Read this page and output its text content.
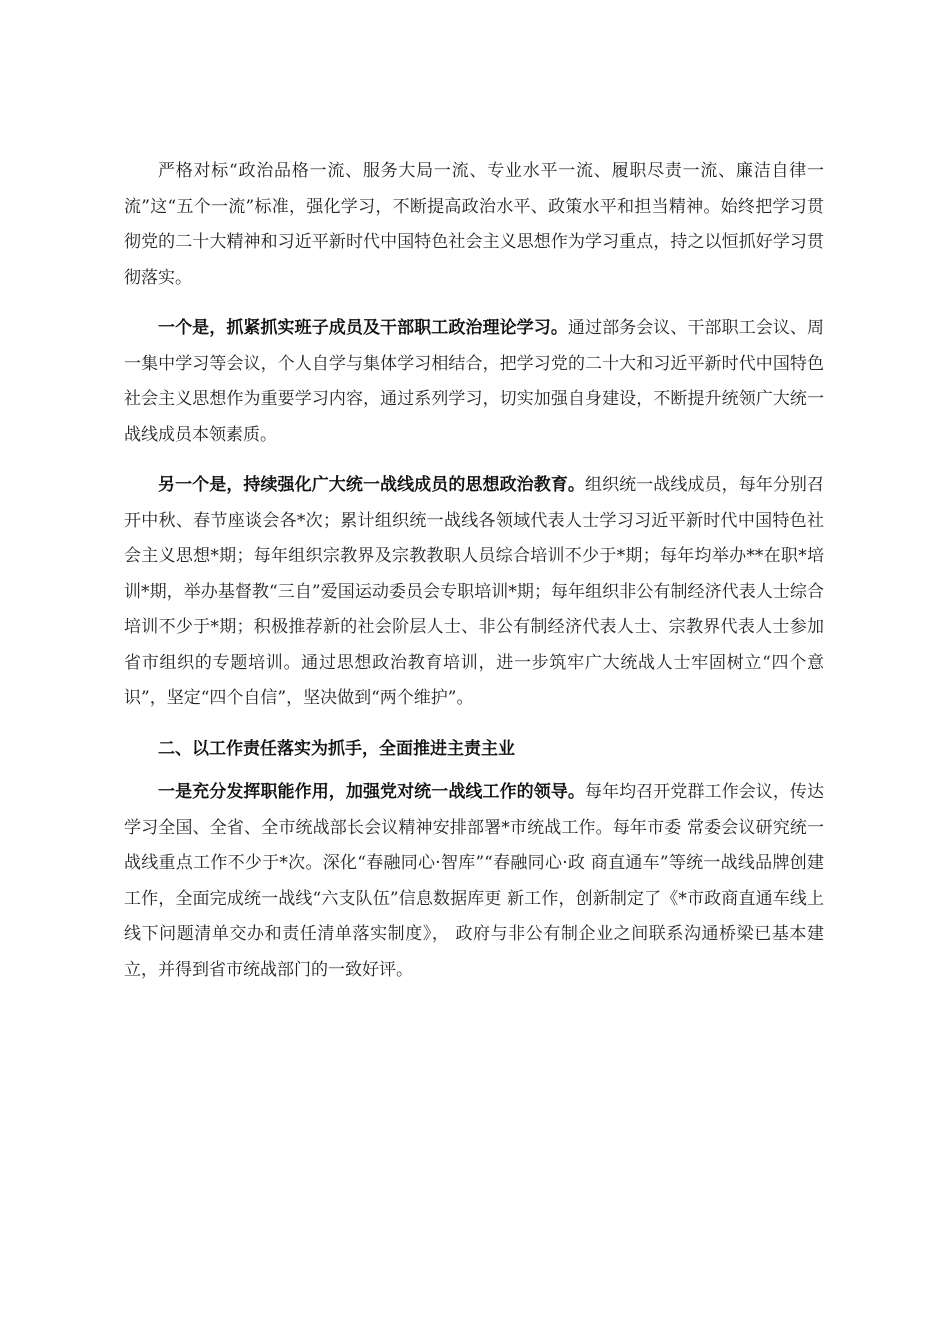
严格对标“政治品格一流、服务大局一流、专业水平一流、履职尽责一流、廉洁自律一流”这“五个一流”标准，强化学习，不断提高政治水平、政策水平和担当精神。始终把学习贯彻党的二十大精神和习近平新时代中国特色社会主义思想作为学习重点，持之以恒抓好学习贯彻落实。

一个是，抓紧抓实班子成员及干部职工政治理论学习。通过部务会议、干部职工会议、周一集中学习等会议，个人自学与集体学习相结合，把学习党的二十大和习近平新时代中国特色社会主义思想作为重要学习内容，通过系列学习，切实加强自身建设，不断提升统领广大统一战线成员本领素质。

另一个是，持续强化广大统一战线成员的思想政治教育。组织统一战线成员，每年分别召开中秋、春节座谈会各*次；累计组织统一战线各领域代表人士学习习近平新时代中国特色社会主义思想*期；每年组织宗教界及宗教教职人员综合培训不少于*期；每年均举办**在职*培训*期，举办基督教“三自”爱国运动委员会专职培训*期；每年组织非公有制经济代表人士综合培训不少于*期；积极推荐新的社会阶层人士、非公有制经济代表人士、宗教界代表人士参加省市组织的专题培训。通过思想政治教育培训，进一步筑牢广大统战人士牢固树立“四个意识”，坚定“四个自信”，坚决做到“两个维护”。

二、以工作责任落实为抓手，全面推进主责主业

一是充分发挥职能作用，加强党对统一战线工作的领导。每年均召开党群工作会议，传达学习全国、全省、全市统战部长会议精神安排部署*市统战工作。每年市委 常委会议研究统一战线重点工作不少于*次。深化“春融同心·智库”“春融同心·政 商直通车”等统一战线品牌创建工作，全面完成统一战线“六支队伍”信息数据库更 新工作，创新制定了《*市政商直通车线上线下问题清单交办和责任清单落实制度》， 政府与非公有制企业之间联系沟通桥梁已基本建立，并得到省市统战部门的一致好评。
